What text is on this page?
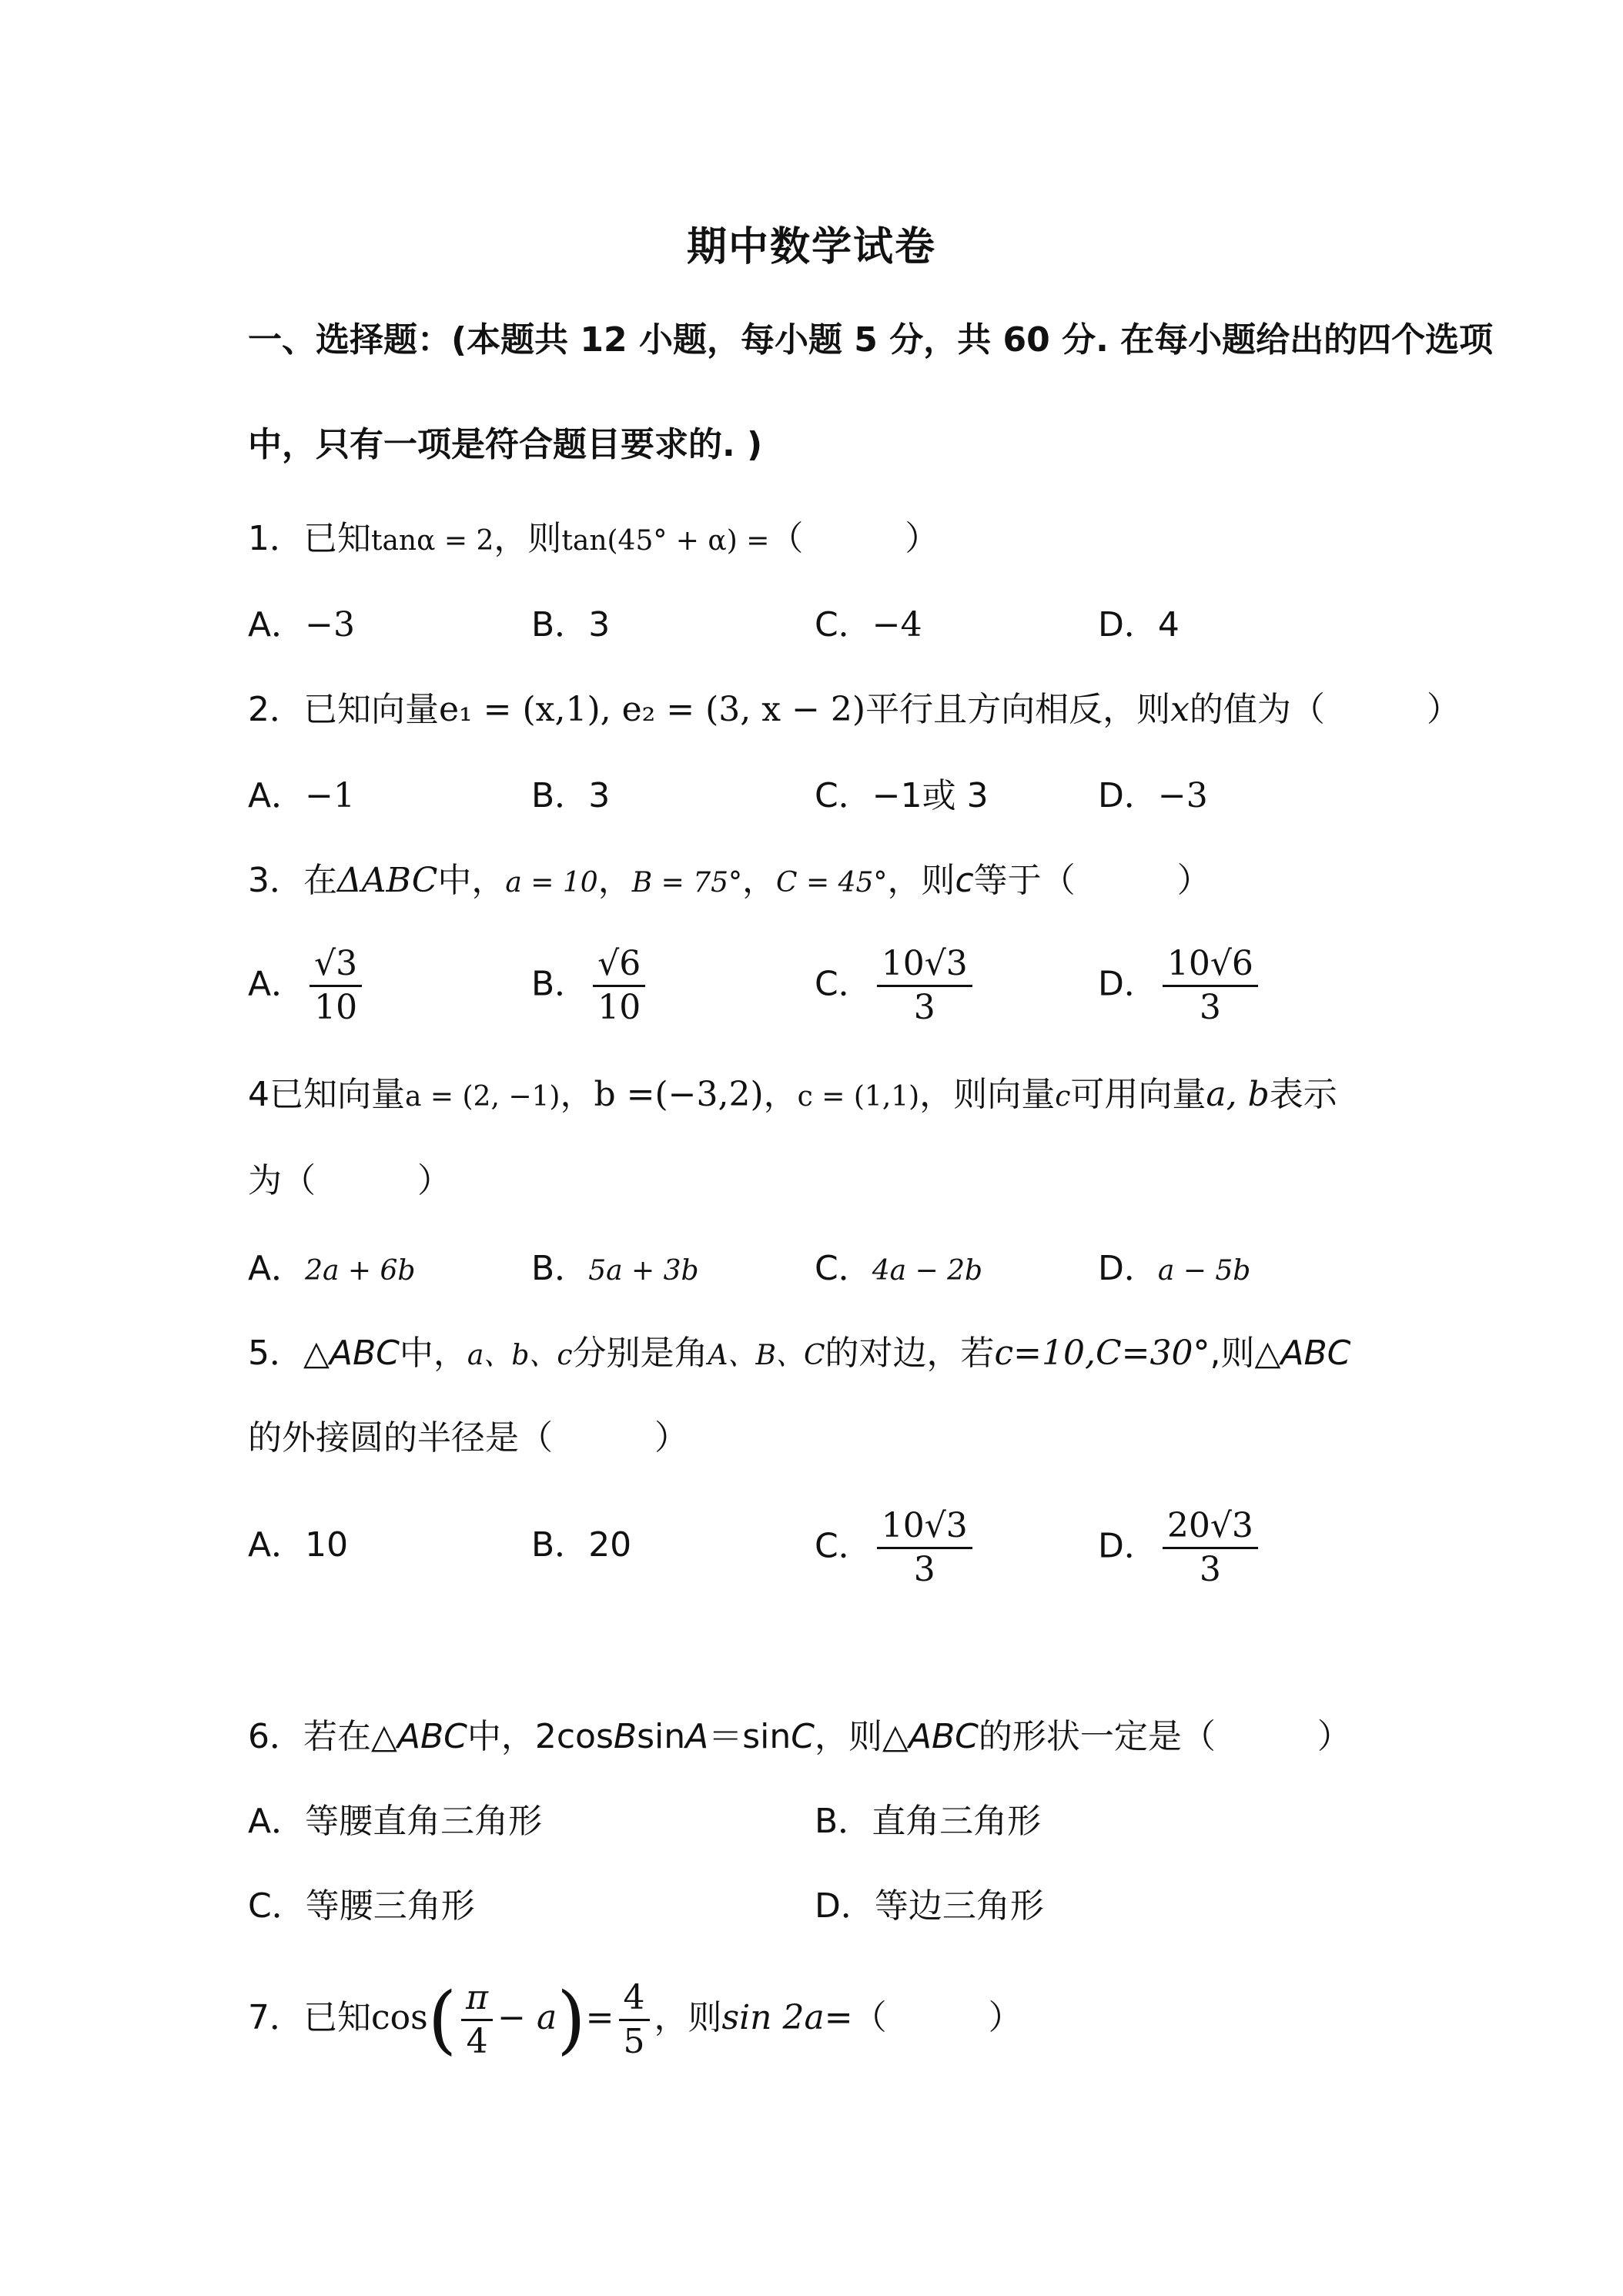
期中数学试卷
一、选择题：(本题共 12 小题，每小题 5 分，共 60 分. 在每小题给出的四个选项
中，只有一项是符合题目要求的. )
1．已知tanα = 2，则tan(45° + α) =（　　　）
A．−3	B．3	C．−4	D．4
2．已知向量e₁ = (x,1), e₂ = (3, x − 2)平行且方向相反，则x的值为（　　　）
A．−1	B．3	C．−1或 3	D．−3
3．在ΔABC中，a = 10，B = 75°，C = 45°，则c等于（　　　）
A． $\frac{√3}{10}$	B． $\frac{√6}{10}$	C． $\frac{10√3}{3}$	D． $\frac{10√6}{3}$
4已知向量a = (2, −1)，b =(−3,2)，c = (1,1)，则向量c可用向量a, b表示
为（　　　）
A．2a + 6b	B．5a + 3b	C．4a − 2b	D．a − 5b
5．△ABC中，a、b、c分别是角A、B、C的对边，若c=10,C=30°,则△ABC
的外接圆的半径是（　　　）
A．10	B．20	C． $\frac{10√3}{3}$	D． $\frac{20√3}{3}$
6．若在△ABC中，2cosBsinA＝sinC，则△ABC的形状一定是（　　　）
A．等腰直角三角形	B．直角三角形
C．等腰三角形	D．等边三角形
7．已知$\cos( \frac{\pi}{4} - a)= \frac{4}{5}$ ，则sin 2a=（　　　）
